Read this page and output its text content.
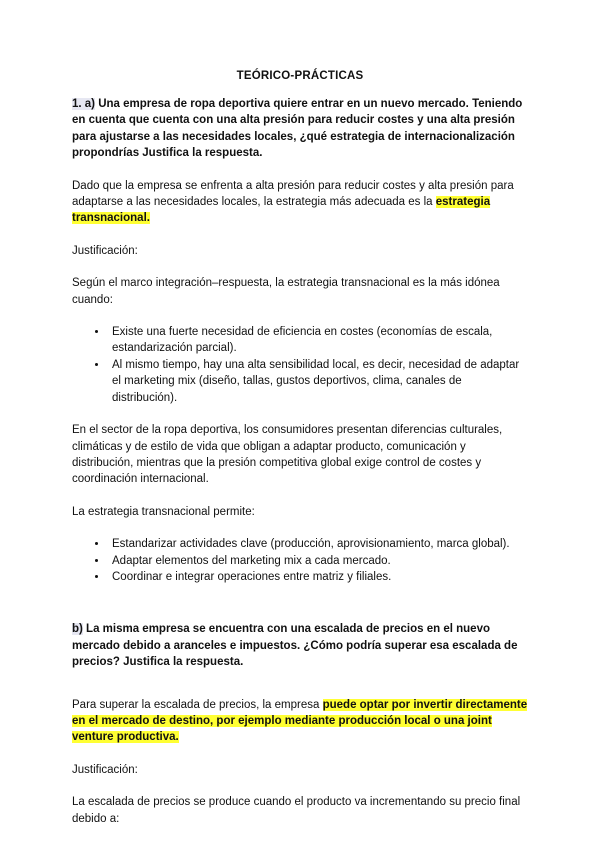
TEÓRICO-PRÁCTICAS
1. a) Una empresa de ropa deportiva quiere entrar en un nuevo mercado. Teniendo en cuenta que cuenta con una alta presión para reducir costes y una alta presión para ajustarse a las necesidades locales, ¿qué estrategia de internacionalización propondrías Justifica la respuesta.
Dado que la empresa se enfrenta a alta presión para reducir costes y alta presión para adaptarse a las necesidades locales, la estrategia más adecuada es la estrategia transnacional.
Justificación:
Según el marco integración–respuesta, la estrategia transnacional es la más idónea cuando:
• Existe una fuerte necesidad de eficiencia en costes (economías de escala, estandarización parcial).
• Al mismo tiempo, hay una alta sensibilidad local, es decir, necesidad de adaptar el marketing mix (diseño, tallas, gustos deportivos, clima, canales de distribución).
En el sector de la ropa deportiva, los consumidores presentan diferencias culturales, climáticas y de estilo de vida que obligan a adaptar producto, comunicación y distribución, mientras que la presión competitiva global exige control de costes y coordinación internacional.
La estrategia transnacional permite:
• Estandarizar actividades clave (producción, aprovisionamiento, marca global).
• Adaptar elementos del marketing mix a cada mercado.
• Coordinar e integrar operaciones entre matriz y filiales.
b) La misma empresa se encuentra con una escalada de precios en el nuevo mercado debido a aranceles e impuestos. ¿Cómo podría superar esa escalada de precios? Justifica la respuesta.
Para superar la escalada de precios, la empresa puede optar por invertir directamente en el mercado de destino, por ejemplo mediante producción local o una joint venture productiva.
Justificación:
La escalada de precios se produce cuando el producto va incrementando su precio final debido a:
